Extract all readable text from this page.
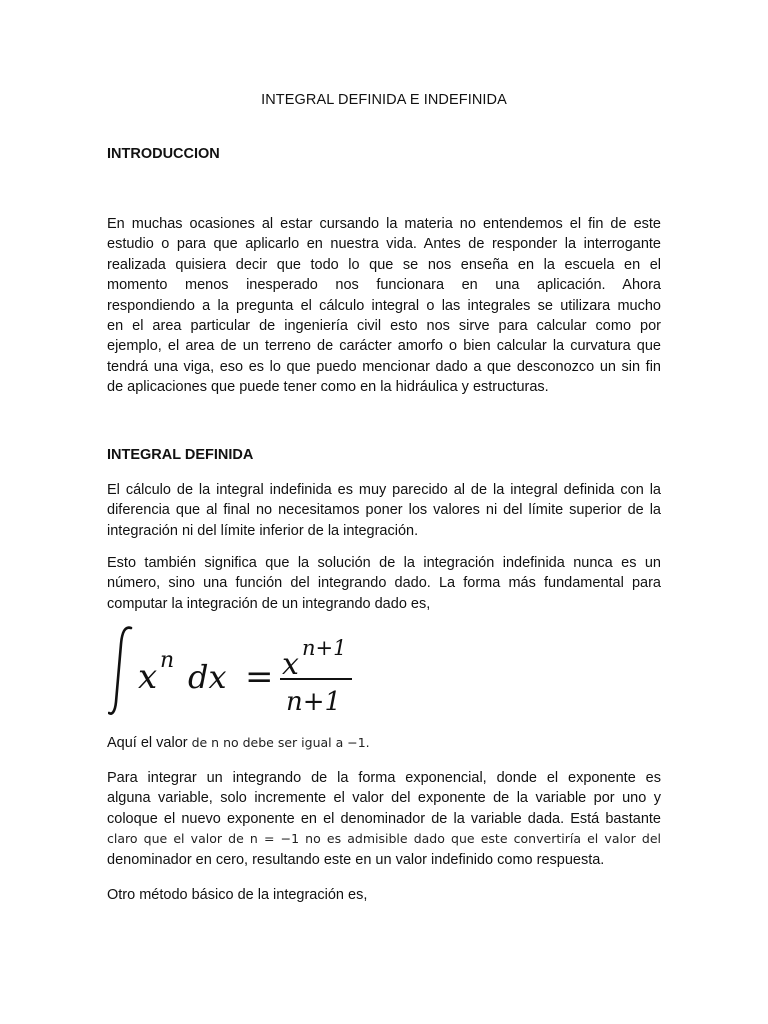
INTEGRAL DEFINIDA E INDEFINIDA
INTRODUCCION
En muchas ocasiones al estar cursando la materia no entendemos el fin de este
estudio o para que aplicarlo en nuestra vida. Antes de responder la interrogante
realizada quisiera decir que todo lo que se nos enseña en la escuela en el
momento menos inesperado nos funcionara en una aplicación. Ahora
respondiendo a la pregunta el cálculo integral o las integrales se utilizara mucho
en el area particular de ingeniería civil esto nos sirve para calcular como por
ejemplo, el area de un terreno de carácter amorfo o bien calcular la curvatura que
tendrá una viga, eso es lo que puedo mencionar dado a que desconozco un sin fin
de aplicaciones que puede tener como en la hidráulica y estructuras.
INTEGRAL DEFINIDA
El cálculo de la integral indefinida es muy parecido al de la integral definida con la
diferencia que al final no necesitamos poner los valores ni del límite superior de la
integración ni del límite inferior de la integración.
Esto también significa que la solución de la integración indefinida nunca es un
número, sino una función del integrando dado. La forma más fundamental para
computar la integración de un integrando dado es,
x n dx = x n+1
n+1
Aquí el valor de n no debe ser igual a −1.
Para integrar un integrando de la forma exponencial, donde el exponente es
alguna variable, solo incremente el valor del exponente de la variable por uno y
coloque el nuevo exponente en el denominador de la variable dada. Está bastante
claro que el valor de n = −1 no es admisible dado que este convertiría el valor del
denominador en cero, resultando este en un valor indefinido como respuesta.
Otro método básico de la integración es,
